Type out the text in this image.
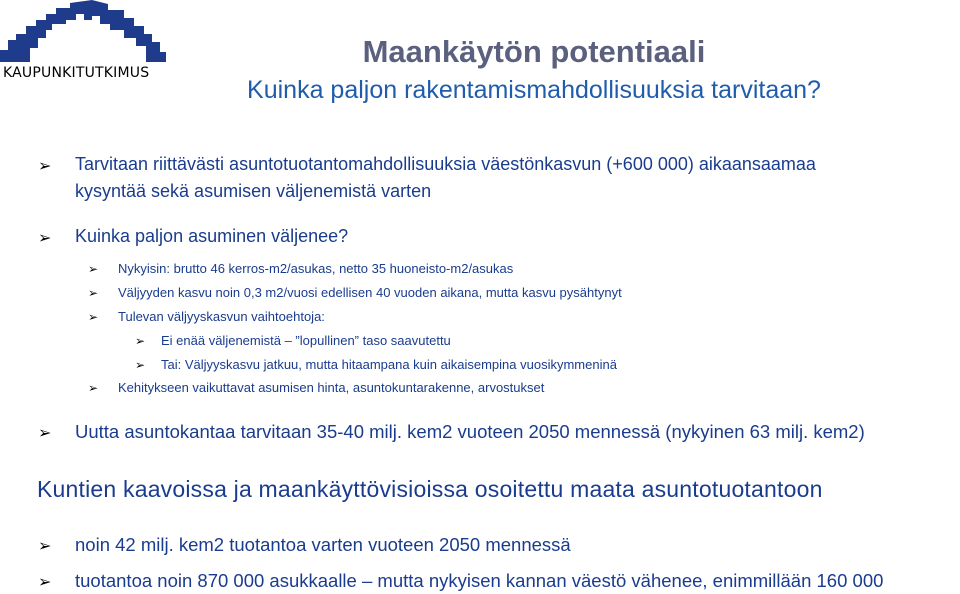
KAUPUNKITUTKIMUS
Maankäytön potentiaali
Kuinka paljon rakentamismahdollisuuksia tarvitaan?
➢ Tarvitaan riittävästi asuntotuotantomahdollisuuksia väestönkasvun (+600 000) aikaansaamaa
kysyntää sekä asumisen väljenemistä varten
➢ Kuinka paljon asuminen väljenee?
➢ Nykyisin: brutto 46 kerros-m2/asukas, netto 35 huoneisto-m2/asukas
➢ Väljyyden kasvu noin 0,3 m2/vuosi edellisen 40 vuoden aikana, mutta kasvu pysähtynyt
➢ Tulevan väljyyskasvun vaihtoehtoja:
➢ Ei enää väljenemistä – ”lopullinen” taso saavutettu
➢ Tai: Väljyyskasvu jatkuu, mutta hitaampana kuin aikaisempina vuosikymmeninä
➢ Kehitykseen vaikuttavat asumisen hinta, asuntokuntarakenne, arvostukset
➢ Uutta asuntokantaa tarvitaan 35-40 milj. kem2 vuoteen 2050 mennessä (nykyinen 63 milj. kem2)
Kuntien kaavoissa ja maankäyttövisioissa osoitettu maata asuntotuotantoon
➢ noin 42 milj. kem2 tuotantoa varten vuoteen 2050 mennessä
➢ tuotantoa noin 870 000 asukkaalle – mutta nykyisen kannan väestö vähenee, enimmillään 160 000
